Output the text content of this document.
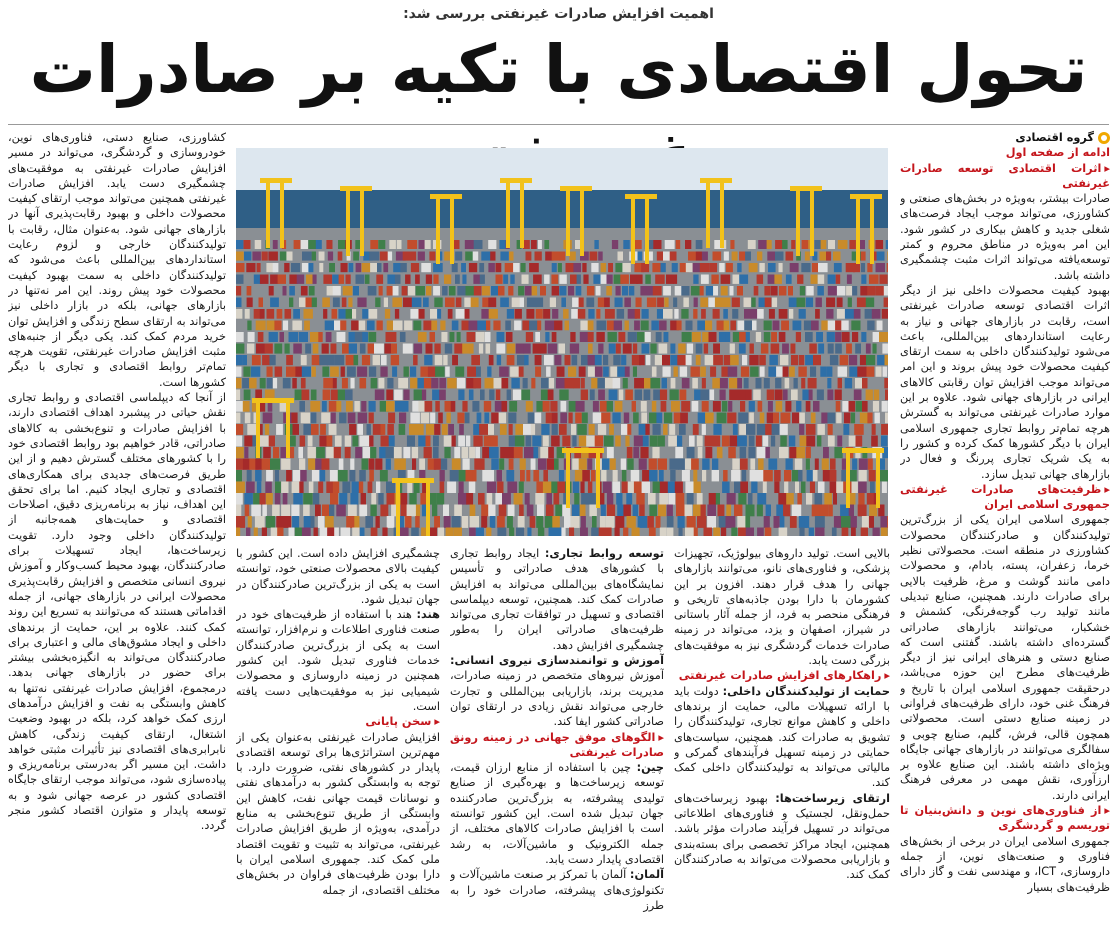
اهمیت افزایش صادرات غیرنفتی بررسی شد:
تحول اقتصادی با تکیه بر صادرات

گروه اقتصادی

ادامه از صفحه اول

▸ اثرات اقتصادی توسعه صادرات غیرنفتی

صادرات بیشتر، به‌ویژه در بخش‌های صنعتی و کشاورزی، می‌تواند موجب ایجاد فرصت‌های شغلی جدید و کاهش بیکاری در کشور شود. این امر به‌ویژه در مناطق محروم و کمتر توسعه‌یافته می‌تواند اثرات مثبت چشمگیری داشته باشد.

بهبود کیفیت محصولات داخلی نیز از دیگر اثرات اقتصادی توسعه صادرات غیرنفتی است، رقابت در بازارهای جهانی و نیاز به رعایت استانداردهای بین‌المللی، باعث می‌شود تولیدکنندگان داخلی به سمت ارتقای کیفیت محصولات خود پیش بروند و این امر می‌تواند موجب افزایش توان رقابتی کالاهای ایرانی در بازارهای جهانی شود. علاوه بر این موارد صادرات غیرنفتی می‌تواند به گسترش هرچه تمام‌تر روابط تجاری جمهوری اسلامی ایران با دیگر کشورها کمک کرده و کشور را به یک شریک تجاری پررنگ و فعال در بازارهای جهانی تبدیل سازد.

▸ ظرفیت‌های صادرات غیرنفتی جمهوری اسلامی ایران

جمهوری اسلامی ایران یکی از بزرگ‌ترین تولیدکنندگان و صادرکنندگان محصولات کشاورزی در منطقه است. محصولاتی نظیر خرما، زعفران، پسته، بادام، و محصولات دامی مانند گوشت و مرغ، ظرفیت بالایی برای صادرات دارند. همچنین، صنایع تبدیلی مانند تولید رب گوجه‌فرنگی، کشمش و خشکبار، می‌توانند بازارهای صادراتی گسترده‌ای داشته باشند. گفتنی است که صنایع دستی و هنرهای ایرانی نیز از دیگر ظرفیت‌های مطرح این حوزه می‌باشد، درحقیقت جمهوری اسلامی ایران با تاریخ و فرهنگ غنی خود، دارای ظرفیت‌های فراوانی در زمینه صنایع دستی است. محصولاتی همچون قالی، فرش، گلیم، صنایع چوبی و سفالگری می‌توانند در بازارهای جهانی جایگاه ویژه‌ای داشته باشند. این صنایع علاوه بر ارزآوری، نقش مهمی در معرفی فرهنگ ایرانی دارند.

▸ از فناوری‌های نوین و دانش‌بنیان تا توریسم و گردشگری

جمهوری اسلامی ایران در برخی از بخش‌های فناوری و صنعت‌های نوین، از جمله داروسازی، ICT، و مهندسی نفت و گاز دارای ظرفیت‌های بسیار

بالایی است. تولید داروهای بیولوژیک، تجهیزات پزشکی، و فناوری‌های نانو، می‌توانند بازارهای جهانی را هدف قرار دهند. افزون بر این کشورمان با دارا بودن جاذبه‌های تاریخی و فرهنگی منحصر به فرد، از جمله آثار باستانی در شیراز، اصفهان و یزد، می‌تواند در زمینه صادرات خدمات گردشگری نیز به موفقیت‌های بزرگی دست یابد.

▸ راهکارهای افزایش صادرات غیرنفتی

حمایت از تولیدکنندگان داخلی: دولت باید با ارائه تسهیلات مالی، حمایت از برندهای داخلی و کاهش موانع تجاری، تولیدکنندگان را تشویق به صادرات کند. همچنین، سیاست‌های حمایتی در زمینه تسهیل فرآیندهای گمرکی و مالیاتی می‌تواند به تولیدکنندگان داخلی کمک کند.

ارتقای زیرساخت‌ها: بهبود زیرساخت‌های حمل‌ونقل، لجستیک و فناوری‌های اطلاعاتی می‌تواند در تسهیل فرآیند صادرات مؤثر باشد. همچنین، ایجاد مراکز تخصصی برای بسته‌بندی و بازاریابی محصولات می‌تواند به صادرکنندگان کمک کند.

توسعه روابط تجاری: ایجاد روابط تجاری با کشورهای هدف صادراتی و تأسیس نمایشگاه‌های بین‌المللی می‌تواند به افزایش صادرات کمک کند. همچنین، توسعه دیپلماسی اقتصادی و تسهیل در توافقات تجاری می‌تواند ظرفیت‌های صادراتی ایران را به‌طور چشمگیری افزایش دهد.

آموزش و توانمندسازی نیروی انسانی: آموزش نیروهای متخصص در زمینه صادرات، مدیریت برند، بازاریابی بین‌المللی و تجارت خارجی می‌تواند نقش زیادی در ارتقای توان صادراتی کشور ایفا کند.

▸ الگوهای موفق جهانی در زمینه رونق صادرات غیرنفتی

چین: چین با استفاده از منابع ارزان قیمت، توسعه زیرساخت‌ها و بهره‌گیری از صنایع تولیدی پیشرفته، به بزرگ‌ترین صادرکننده جهان تبدیل شده است. این کشور توانسته است با افزایش صادرات کالاهای مختلف، از جمله الکترونیک و ماشین‌آلات، به رشد اقتصادی پایدار دست یابد.

آلمان: آلمان با تمرکز بر صنعت ماشین‌آلات و تکنولوژی‌های پیشرفته، صادرات خود را به طرز

چشمگیری افزایش داده است. این کشور با کیفیت بالای محصولات صنعتی خود، توانسته است به یکی از بزرگ‌ترین صادرکنندگان در جهان تبدیل شود.

هند: هند با استفاده از ظرفیت‌های خود در صنعت فناوری اطلاعات و نرم‌افزار، توانسته است به یکی از بزرگ‌ترین صادرکنندگان خدمات فناوری تبدیل شود. این کشور همچنین در زمینه داروسازی و محصولات شیمیایی نیز به موفقیت‌هایی دست یافته است.

▸ سخن پایانی

افزایش صادرات غیرنفتی به‌عنوان یکی از مهم‌ترین استراتژی‌ها برای توسعه اقتصادی پایدار در کشورهای نفتی، ضرورت دارد. با توجه به وابستگی کشور به درآمدهای نفتی و نوسانات قیمت جهانی نفت، کاهش این وابستگی از طریق تنوع‌بخشی به منابع درآمدی، به‌ویژه از طریق افزایش صادرات غیرنفتی، می‌تواند به تثبیت و تقویت اقتصاد ملی کمک کند. جمهوری اسلامی ایران با دارا بودن ظرفیت‌های فراوان در بخش‌های مختلف اقتصادی، از جمله

کشاورزی، صنایع دستی، فناوری‌های نوین، خودروسازی و گردشگری، می‌تواند در مسیر افزایش صادرات غیرنفتی به موفقیت‌های چشمگیری دست یابد. افزایش صادرات غیرنفتی همچنین می‌تواند موجب ارتقای کیفیت محصولات داخلی و بهبود رقابت‌پذیری آنها در بازارهای جهانی شود. به‌عنوان مثال، رقابت با تولیدکنندگان خارجی و لزوم رعایت استانداردهای بین‌المللی باعث می‌شود که تولیدکنندگان داخلی به سمت بهبود کیفیت محصولات خود پیش روند. این امر نه‌تنها در بازارهای جهانی، بلکه در بازار داخلی نیز می‌تواند به ارتقای سطح زندگی و افزایش توان خرید مردم کمک کند. یکی دیگر از جنبه‌های مثبت افزایش صادرات غیرنفتی، تقویت هرچه تمام‌تر روابط اقتصادی و تجاری با دیگر کشورها است.

از آنجا که دیپلماسی اقتصادی و روابط تجاری نقش حیاتی در پیشبرد اهداف اقتصادی دارند، با افزایش صادرات و تنوع‌بخشی به کالاهای صادراتی، قادر خواهیم بود روابط اقتصادی خود را با کشورهای مختلف گسترش دهیم و از این طریق فرصت‌های جدیدی برای همکاری‌های اقتصادی و تجاری ایجاد کنیم. اما برای تحقق این اهداف، نیاز به برنامه‌ریزی دقیق، اصلاحات اقتصادی و حمایت‌های همه‌جانبه از تولیدکنندگان داخلی وجود دارد. تقویت زیرساخت‌ها، ایجاد تسهیلات برای صادرکنندگان، بهبود محیط کسب‌وکار و آموزش نیروی انسانی متخصص و افزایش رقابت‌پذیری محصولات ایرانی در بازارهای جهانی، از جمله اقداماتی هستند که می‌توانند به تسریع این روند کمک کنند. علاوه بر این، حمایت از برندهای داخلی و ایجاد مشوق‌های مالی و اعتباری برای صادرکنندگان می‌تواند به انگیزه‌بخشی بیشتر برای حضور در بازارهای جهانی بدهد. درمجموع، افزایش صادرات غیرنفتی نه‌تنها به کاهش وابستگی به نفت و افزایش درآمدهای ارزی کمک خواهد کرد، بلکه در بهبود وضعیت اشتغال، ارتقای کیفیت زندگی، کاهش نابرابری‌های اقتصادی نیز تأثیرات مثبتی خواهد داشت. این مسیر اگر به‌درستی برنامه‌ریزی و پیاده‌سازی شود، می‌تواند موجب ارتقای جایگاه اقتصادی کشور در عرصه جهانی شود و به توسعه پایدار و متوازن اقتصاد کشور منجر گردد.
